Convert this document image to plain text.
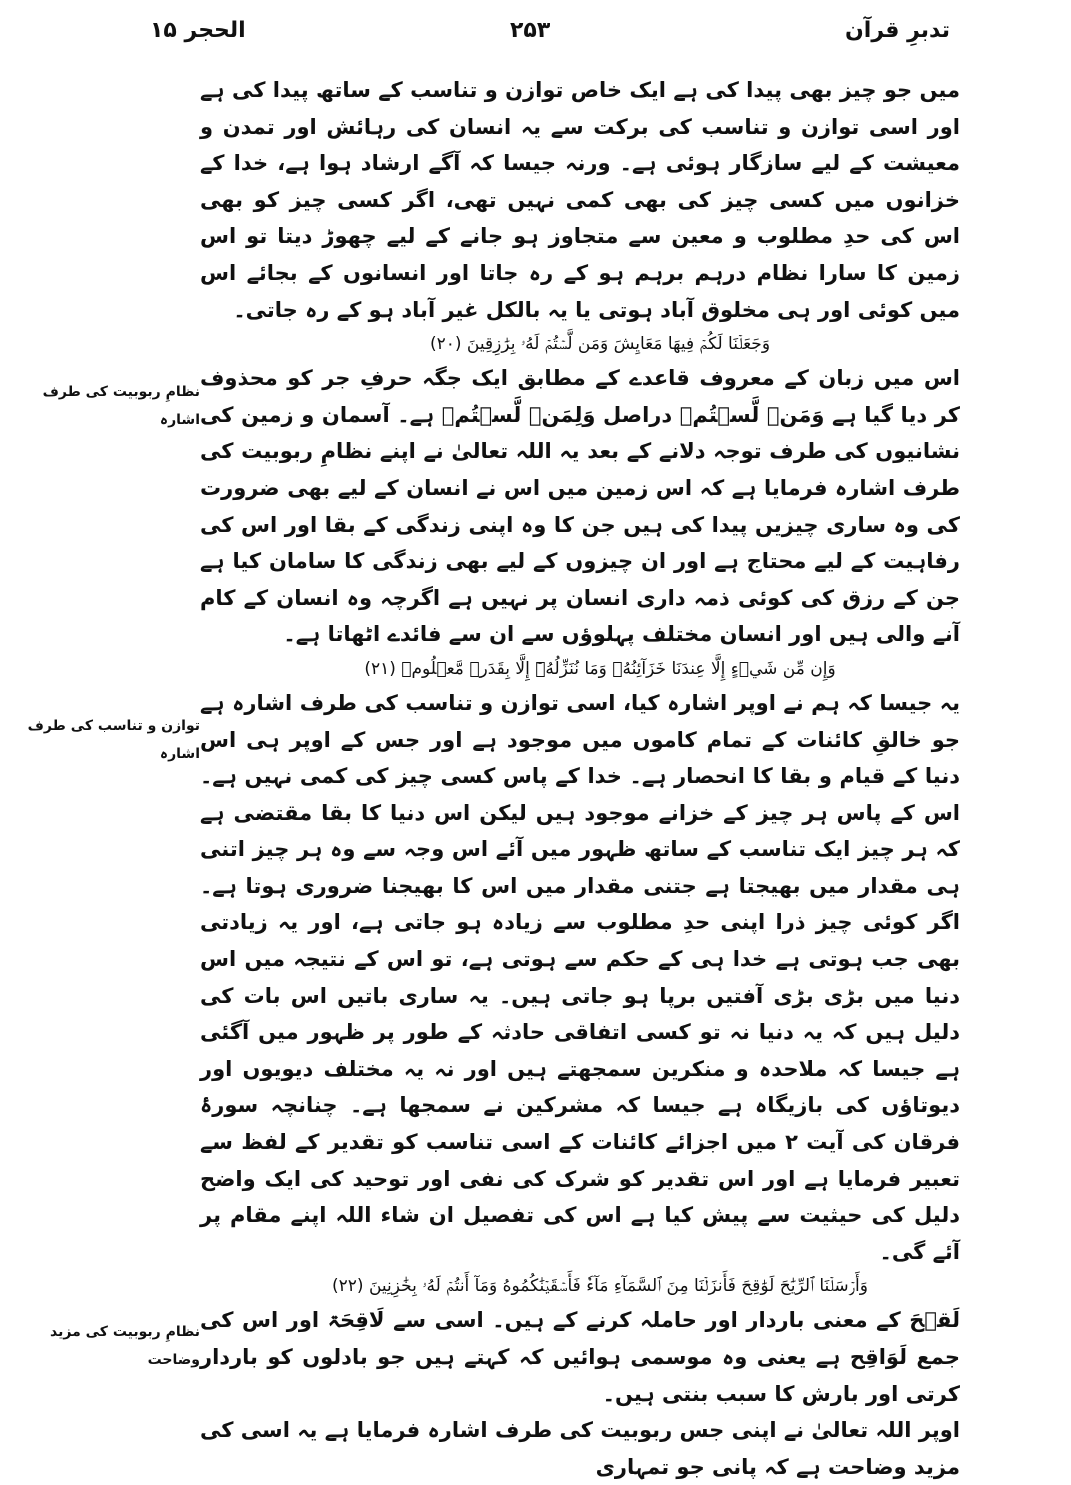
تدبرِ قرآن
۲۵۳
الحجر ۱۵

میں جو چیز بھی پیدا کی ہے ایک خاص توازن و تناسب کے ساتھ پیدا کی ہے اور اسی توازن و تناسب کی برکت سے یہ انسان کی رہائش اور تمدن و معیشت کے لیے سازگار ہوئی ہے۔ ورنہ جیسا کہ آگے ارشاد ہوا ہے، خدا کے خزانوں میں کسی چیز کی بھی کمی نہیں تھی، اگر کسی چیز کو بھی اس کی حدِ مطلوب و معین سے متجاوز ہو جانے کے لیے چھوڑ دیتا تو اس زمین کا سارا نظام درہم برہم ہو کے رہ جاتا اور انسانوں کے بجائے اس میں کوئی اور ہی مخلوق آباد ہوتی یا یہ بالکل غیر آباد ہو کے رہ جاتی۔

وَجَعَلۡنَا لَكُمۡ فِيهَا مَعَايِشَ وَمَن لَّسۡتُمۡ لَهُۥ بِرَٰزِقِينَ (۲۰)

اس میں زبان کے معروف قاعدے کے مطابق ایک جگہ حرفِ جر کو محذوف کر دیا گیا ہے وَمَنۡ لَّسۡتُمۡ دراصل وَلِمَنۡ لَّسۡتُمۡ ہے۔ آسمان و زمین کی نشانیوں کی طرف توجہ دلانے کے بعد یہ اللہ تعالیٰ نے اپنے نظامِ ربوبیت کی طرف اشارہ فرمایا ہے کہ اس زمین میں اس نے انسان کے لیے بھی ضرورت کی وہ ساری چیزیں پیدا کی ہیں جن کا وہ اپنی زندگی کے بقا اور اس کی رفاہیت کے لیے محتاج ہے اور ان چیزوں کے لیے بھی زندگی کا سامان کیا ہے جن کے رزق کی کوئی ذمہ داری انسان پر نہیں ہے اگرچہ وہ انسان کے کام آنے والی ہیں اور انسان مختلف پہلوؤں سے ان سے فائدے اٹھاتا ہے۔

وَإِن مِّن شَيۡءٍ إِلَّا عِندَنَا خَزَآئِنُهُۥ وَمَا نُنَزِّلُهُۥٓ إِلَّا بِقَدَرٖ مَّعۡلُومٖ (۲۱)

یہ جیسا کہ ہم نے اوپر اشارہ کیا، اسی توازن و تناسب کی طرف اشارہ ہے جو خالقِ کائنات کے تمام کاموں میں موجود ہے اور جس کے اوپر ہی اس دنیا کے قیام و بقا کا انحصار ہے۔ خدا کے پاس کسی چیز کی کمی نہیں ہے۔ اس کے پاس ہر چیز کے خزانے موجود ہیں لیکن اس دنیا کا بقا مقتضی ہے کہ ہر چیز ایک تناسب کے ساتھ ظہور میں آئے اس وجہ سے وہ ہر چیز اتنی ہی مقدار میں بھیجتا ہے جتنی مقدار میں اس کا بھیجنا ضروری ہوتا ہے۔ اگر کوئی چیز ذرا اپنی حدِ مطلوب سے زیادہ ہو جاتی ہے، اور یہ زیادتی بھی جب ہوتی ہے خدا ہی کے حکم سے ہوتی ہے، تو اس کے نتیجہ میں اس دنیا میں بڑی بڑی آفتیں برپا ہو جاتی ہیں۔ یہ ساری باتیں اس بات کی دلیل ہیں کہ یہ دنیا نہ تو کسی اتفاقی حادثہ کے طور پر ظہور میں آگئی ہے جیسا کہ ملاحدہ و منکرین سمجھتے ہیں اور نہ یہ مختلف دیویوں اور دیوتاؤں کی بازیگاہ ہے جیسا کہ مشرکین نے سمجھا ہے۔ چنانچہ سورۂ فرقان کی آیت ۲ میں اجزائے کائنات کے اسی تناسب کو تقدیر کے لفظ سے تعبیر فرمایا ہے اور اس تقدیر کو شرک کی نفی اور توحید کی ایک واضح دلیل کی حیثیت سے پیش کیا ہے اس کی تفصیل ان شاء اللہ اپنے مقام پر آئے گی۔

وَأَرۡسَلۡنَا ٱلرِّيَٰحَ لَوَٰقِحَ فَأَنزَلۡنَا مِنَ ٱلسَّمَآءِ مَآءٗ فَأَسۡقَيۡنَٰكُمُوهُ وَمَآ أَنتُمۡ لَهُۥ بِخَٰزِنِينَ (۲۲)

لَقۡحَ کے معنی باردار اور حاملہ کرنے کے ہیں۔ اسی سے لَاقِحَۃ اور اس کی جمع لَوَاقِح ہے یعنی وہ موسمی ہوائیں کہ کہتے ہیں جو بادلوں کو باردار کرتی اور بارش کا سبب بنتی ہیں۔

اوپر اللہ تعالیٰ نے اپنی جس ربوبیت کی طرف اشارہ فرمایا ہے یہ اسی کی مزید وضاحت ہے کہ پانی جو تمہاری

نظامِ ربوبیت کی طرف اشارہ
توازن و تناسب کی طرف اشارہ
نظامِ ربوبیت کی مزید وضاحت
